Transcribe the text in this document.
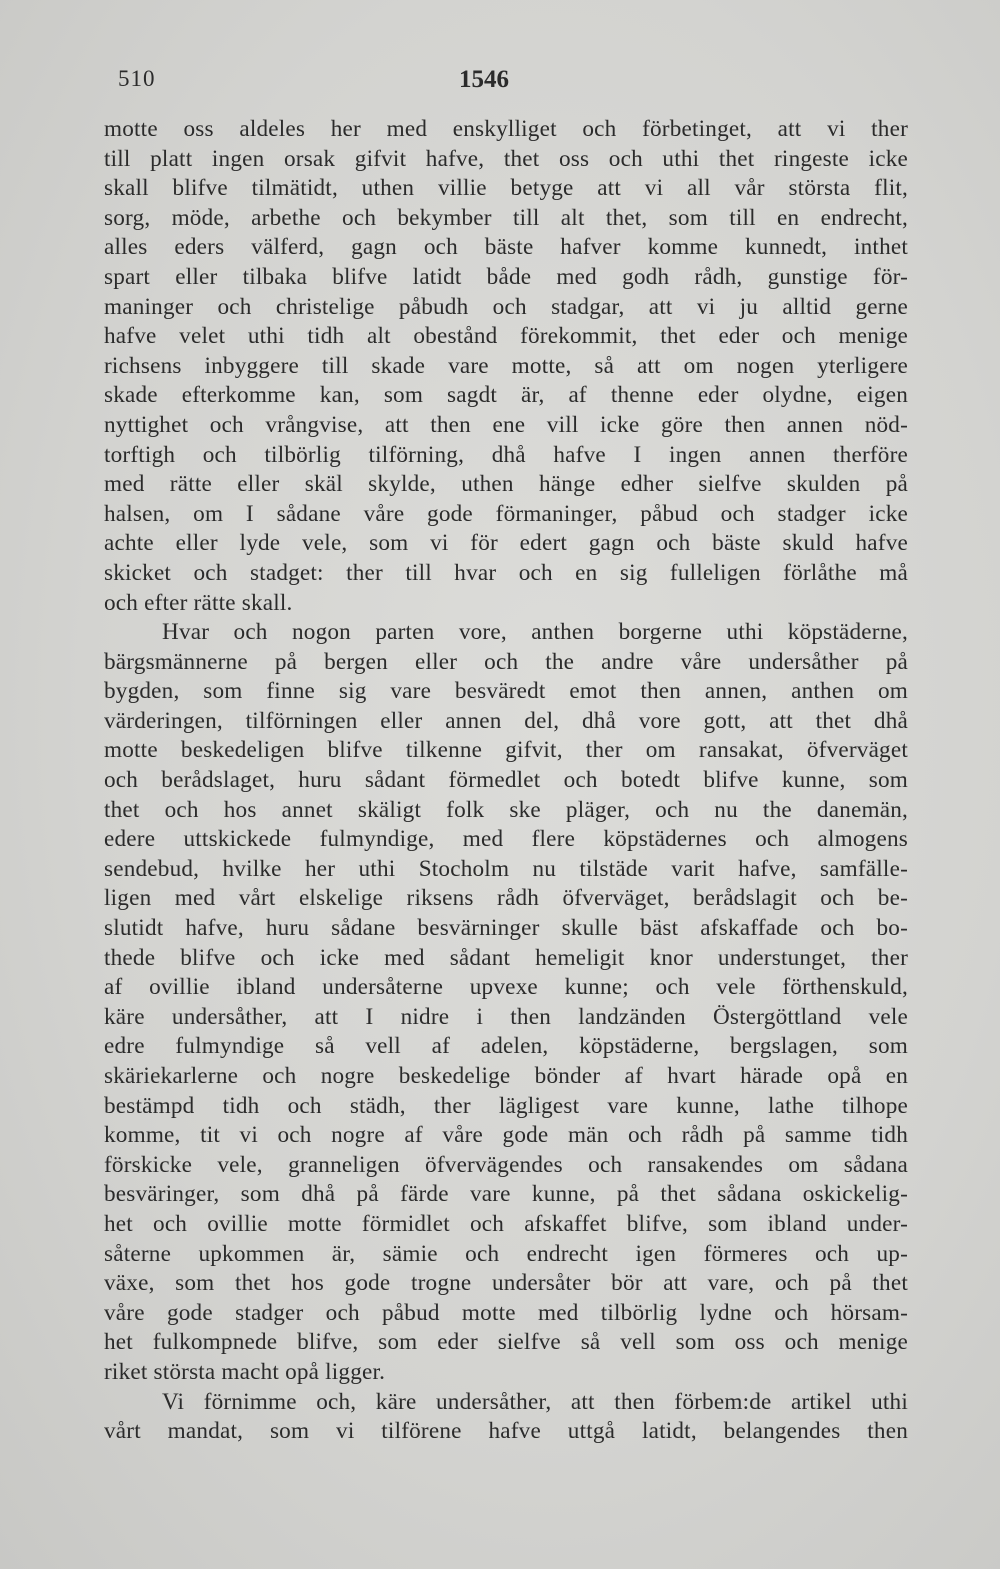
510	1546
motte oss aldeles her med enskylliget och förbetinget, att vi ther
till platt ingen orsak gifvit hafve, thet oss och uthi thet ringeste icke
skall blifve tilmätidt, uthen villie betyge att vi all vår största flit,
sorg, möde, arbethe och bekymber till alt thet, som till en endrecht,
alles eders välferd, gagn och bäste hafver komme kunnedt, inthet
spart eller tilbaka blifve latidt både med godh rådh, gunstige för-
maninger och christelige påbudh och stadgar, att vi ju alltid gerne
hafve velet uthi tidh alt obestånd förekommit, thet eder och menige
richsens inbyggere till skade vare motte, så att om nogen yterligere
skade efterkomme kan, som sagdt är, af thenne eder olydne, eigen
nyttighet och vrångvise, att then ene vill icke göre then annen nöd-
torftigh och tilbörlig tilförning, dhå hafve I ingen annen therföre
med rätte eller skäl skylde, uthen hänge edher sielfve skulden på
halsen, om I sådane våre gode förmaninger, påbud och stadger icke
achte eller lyde vele, som vi för edert gagn och bäste skuld hafve
skicket och stadget: ther till hvar och en sig fulleligen förlåthe må
och efter rätte skall.
Hvar och nogon parten vore, anthen borgerne uthi köpstäderne,
bärgsmännerne på bergen eller och the andre våre undersåther på
bygden, som finne sig vare besväredt emot then annen, anthen om
värderingen, tilförningen eller annen del, dhå vore gott, att thet dhå
motte beskedeligen blifve tilkenne gifvit, ther om ransakat, öfverväget
och berådslaget, huru sådant förmedlet och botedt blifve kunne, som
thet och hos annet skäligt folk ske pläger, och nu the danemän,
edere uttskickede fulmyndige, med flere köpstädernes och almogens
sendebud, hvilke her uthi Stocholm nu tilstäde varit hafve, samfälle-
ligen med vårt elskelige riksens rådh öfverväget, berådslagit och be-
slutidt hafve, huru sådane besvärninger skulle bäst afskaffade och bo-
thede blifve och icke med sådant hemeligit knor understunget, ther
af ovillie ibland undersåterne upvexe kunne; och vele förthenskuld,
käre undersåther, att I nidre i then landzänden Östergöttland vele
edre fulmyndige så vell af adelen, köpstäderne, bergslagen, som
skäriekarlerne och nogre beskedelige bönder af hvart härade opå en
bestämpd tidh och städh, ther lägligest vare kunne, lathe tilhope
komme, tit vi och nogre af våre gode män och rådh på samme tidh
förskicke vele, granneligen öfvervägendes och ransakendes om sådana
besväringer, som dhå på färde vare kunne, på thet sådana oskickelig-
het och ovillie motte förmidlet och afskaffet blifve, som ibland under-
såterne upkommen är, sämie och endrecht igen förmeres och up-
växe, som thet hos gode trogne undersåter bör att vare, och på thet
våre gode stadger och påbud motte med tilbörlig lydne och hörsam-
het fulkompnede blifve, som eder sielfve så vell som oss och menige
riket största macht opå ligger.
Vi förnimme och, käre undersåther, att then förbem:de artikel uthi
vårt mandat, som vi tilförene hafve uttgå latidt, belangendes then
